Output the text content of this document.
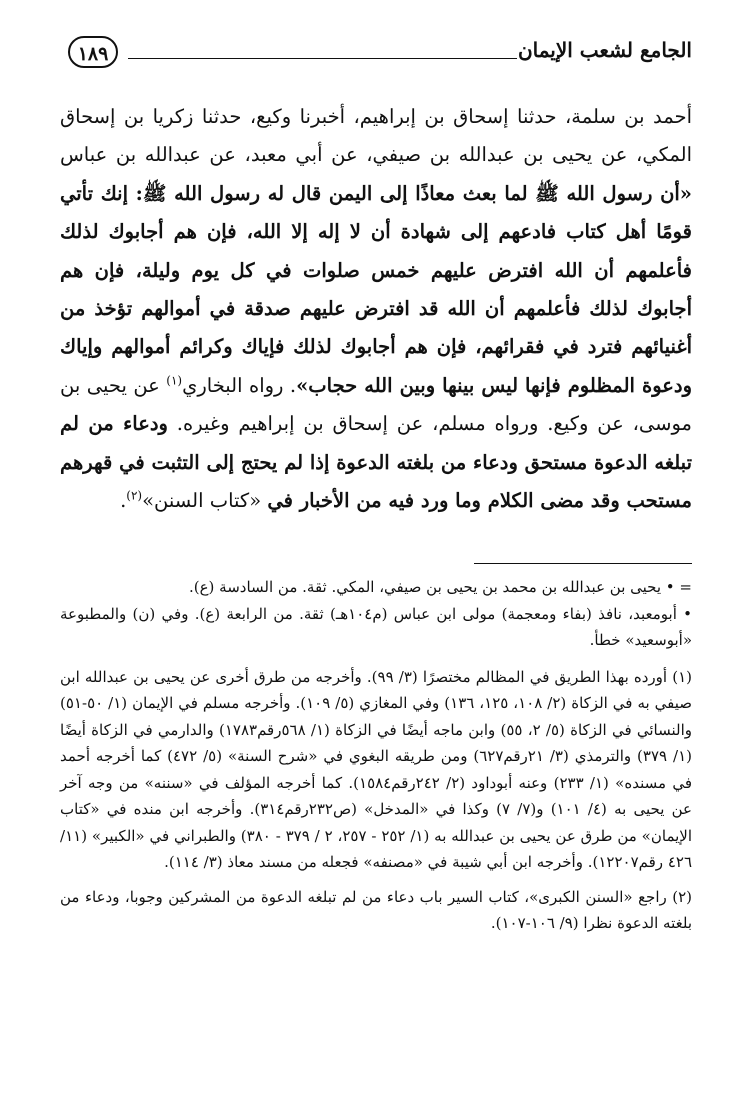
الجامع لشعب الإيمان
١٨٩

أحمد بن سلمة، حدثنا إسحاق بن إبراهيم، أخبرنا وكيع، حدثنا زكريا بن إسحاق المكي، عن يحيى بن عبدالله بن صيفي، عن أبي معبد، عن عبدالله بن عباس «أن رسول الله ﷺ لما بعث معاذًا إلى اليمن قال له رسول الله ﷺ: إنك تأتي قومًا أهل كتاب فادعهم إلى شهادة أن لا إله إلا الله، فإن هم أجابوك لذلك فأعلمهم أن الله افترض عليهم خمس صلوات في كل يوم وليلة، فإن هم أجابوك لذلك فأعلمهم أن الله قد افترض عليهم صدقة في أموالهم تؤخذ من أغنيائهم فترد في فقرائهم، فإن هم أجابوك لذلك فإياك وكرائم أموالهم وإياك ودعوة المظلوم فإنها ليس بينها وبين الله حجاب». رواه البخاري$^{(١)}$ عن يحيى بن موسى، عن وكيع. ورواه مسلم، عن إسحاق بن إبراهيم وغيره. ودعاء من لم تبلغه الدعوة مستحق ودعاء من بلغته الدعوة إذا لم يحتج إلى التثبت في قهرهم مستحب وقد مضى الكلام وما ورد فيه من الأخبار في «كتاب السنن»$^{(٢)}$.

= • يحيى بن عبدالله بن محمد بن يحيى بن صيفي، المكي. ثقة. من السادسة (ع).

• أبومعبد، نافذ (بفاء ومعجمة) مولى ابن عباس (م١٠٤هـ) ثقة. من الرابعة (ع). وفي (ن) والمطبوعة «أبوسعيد» خطأ.

(١) أورده بهذا الطريق في المظالم مختصرًا (٣/ ٩٩). وأخرجه من طرق أخرى عن يحيى بن عبدالله ابن صيفي به في الزكاة (٢/ ١٠٨، ١٢٥، ١٣٦) وفي المغازي (٥/ ١٠٩). وأخرجه مسلم في الإيمان (١/ ٥٠-٥١) والنسائي في الزكاة (٥/ ٢، ٥٥) وابن ماجه أيضًا في الزكاة (١/ ٥٦٨رقم١٧٨٣) والدارمي في الزكاة أيضًا (١/ ٣٧٩) والترمذي (٣/ ٢١رقم٦٢٧) ومن طريقه البغوي في «شرح السنة» (٥/ ٤٧٢) كما أخرجه أحمد في مسنده» (١/ ٢٣٣) وعنه أبوداود (٢/ ٢٤٢رقم١٥٨٤). كما أخرجه المؤلف في «سننه» من وجه آخر عن يحيى به (٤/ ١٠١) و(٧/ ٧) وكذا في «المدخل» (ص٢٣٢رقم٣١٤). وأخرجه ابن منده في «كتاب الإيمان» من طرق عن يحيى بن عبدالله به (١/ ٢٥٢ - ٢٥٧، ٢ / ٣٧٩ - ٣٨٠) والطبراني في «الكبير» (١١/ ٤٢٦ رقم١٢٢٠٧). وأخرجه ابن أبي شيبة في «مصنفه» فجعله من مسند معاذ (٣/ ١١٤).

(٢) راجع «السنن الكبرى»، كتاب السير باب دعاء من لم تبلغه الدعوة من المشركين وجوبا، ودعاء من بلغته الدعوة نظرا (٩/ ١٠٦-١٠٧).
